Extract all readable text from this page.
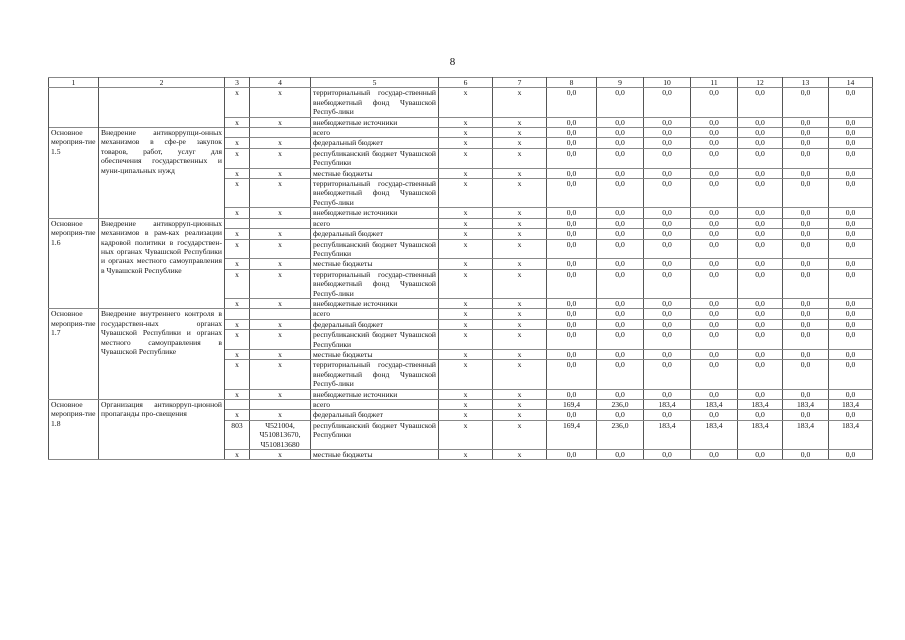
8
1	2	3	4	5	6	7	8	9	10	11	12	13	14
		x	x	территориальный государ-ственный внебюджетный фонд Чувашской Респуб-лики	x	x	0,0	0,0	0,0	0,0	0,0	0,0	0,0
		x	x	внебюджетные источники	x	x	0,0	0,0	0,0	0,0	0,0	0,0	0,0
Основное мероприя-тие 1.5	Внедрение антикоррупци-онных механизмов в сфе-ре закупок товаров, работ, услуг для обеспечения государственных и муни-ципальных нужд			всего	x	x	0,0	0,0	0,0	0,0	0,0	0,0	0,0
		x	x	федеральный бюджет	x	x	0,0	0,0	0,0	0,0	0,0	0,0	0,0
		x	x	республиканский бюджет Чувашской Республики	x	x	0,0	0,0	0,0	0,0	0,0	0,0	0,0
		x	x	местные бюджеты	x	x	0,0	0,0	0,0	0,0	0,0	0,0	0,0
		x	x	территориальный государ-ственный внебюджетный фонд Чувашской Респуб-лики	x	x	0,0	0,0	0,0	0,0	0,0	0,0	0,0
		x	x	внебюджетные источники	x	x	0,0	0,0	0,0	0,0	0,0	0,0	0,0
Основное мероприя-тие 1.6	Внедрение антикорруп-ционных механизмов в рам-ках реализации кадровой политики в государствен-ных органах Чувашской Республики и органах местного самоуправления в Чувашской Республике			всего	x	x	0,0	0,0	0,0	0,0	0,0	0,0	0,0
		x	x	федеральный бюджет	x	x	0,0	0,0	0,0	0,0	0,0	0,0	0,0
		x	x	республиканский бюджет Чувашской Республики	x	x	0,0	0,0	0,0	0,0	0,0	0,0	0,0
		x	x	местные бюджеты	x	x	0,0	0,0	0,0	0,0	0,0	0,0	0,0
		x	x	территориальный государ-ственный внебюджетный фонд Чувашской Респуб-лики	x	x	0,0	0,0	0,0	0,0	0,0	0,0	0,0
		x	x	внебюджетные источники	x	x	0,0	0,0	0,0	0,0	0,0	0,0	0,0
Основное мероприя-тие 1.7	Внедрение внутреннего контроля в государствен-ных органах Чувашской Республики и органах местного самоуправления в Чувашской Республике			всего	x	x	0,0	0,0	0,0	0,0	0,0	0,0	0,0
		x	x	федеральный бюджет	x	x	0,0	0,0	0,0	0,0	0,0	0,0	0,0
		x	x	республиканский бюджет Чувашской Республики	x	x	0,0	0,0	0,0	0,0	0,0	0,0	0,0
		x	x	местные бюджеты	x	x	0,0	0,0	0,0	0,0	0,0	0,0	0,0
		x	x	территориальный государ-ственный внебюджетный фонд Чувашской Респуб-лики	x	x	0,0	0,0	0,0	0,0	0,0	0,0	0,0
		x	x	внебюджетные источники	x	x	0,0	0,0	0,0	0,0	0,0	0,0	0,0
Основное мероприя-тие 1.8	Организация антикорруп-ционной пропаганды про-свещения			всего	x	x	169,4	236,0	183,4	183,4	183,4	183,4	183,4
		x	x	федеральный бюджет	x	x	0,0	0,0	0,0	0,0	0,0	0,0	0,0
		803	Ч521004, Ч510813670, Ч510813680	республиканский бюджет Чувашской Республики	x	x	169,4	236,0	183,4	183,4	183,4	183,4	183,4
		x	x	местные бюджеты	x	x	0,0	0,0	0,0	0,0	0,0	0,0	0,0
